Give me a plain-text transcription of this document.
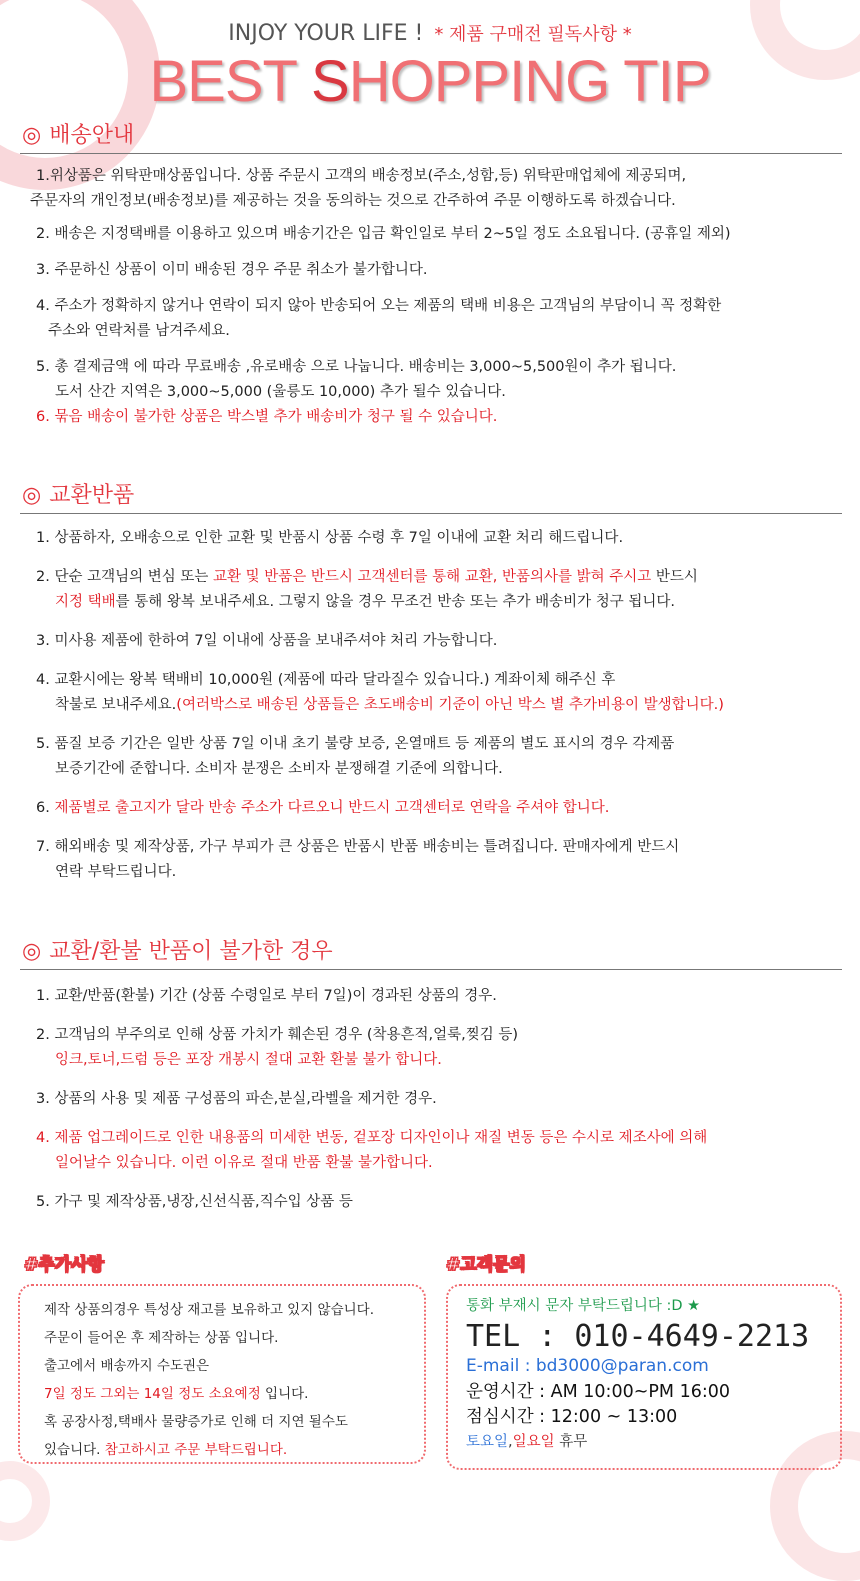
INJOY YOUR LIFE ! * 제품 구매전 필독사항 *
BEST SHOPPING TIP
◎ 배송안내
1.위상품은 위탁판매상품입니다. 상품 주문시 고객의 배송정보(주소,성함,등) 위탁판매업체에 제공되며,
주문자의 개인정보(배송정보)를 제공하는 것을 동의하는 것으로 간주하여 주문 이행하도록 하겠습니다.
2. 배송은 지정택배를 이용하고 있으며 배송기간은 입금 확인일로 부터 2~5일 정도 소요됩니다. (공휴일 제외)
3. 주문하신 상품이 이미 배송된 경우 주문 취소가 불가합니다.
4. 주소가 정확하지 않거나 연락이 되지 않아 반송되어 오는 제품의 택배 비용은 고객님의 부담이니 꼭 정확한
주소와 연락처를 남겨주세요.
5. 총 결제금액 에 따라 무료배송 ,유로배송 으로 나눕니다. 배송비는 3,000~5,500원이 추가 됩니다.
도서 산간 지역은 3,000~5,000 (울릉도 10,000) 추가 될수 있습니다.
6. 묶음 배송이 불가한 상품은 박스별 추가 배송비가 청구 될 수 있습니다.
◎ 교환반품
1. 상품하자, 오배송으로 인한 교환 및 반품시 상품 수령 후 7일 이내에 교환 처리 해드립니다.
2. 단순 고객님의 변심 또는 교환 및 반품은 반드시 고객센터를 통해 교환, 반품의사를 밝혀 주시고 반드시
지정 택배를 통해 왕복 보내주세요. 그렇지 않을 경우 무조건 반송 또는 추가 배송비가 청구 됩니다.
3. 미사용 제품에 한하여 7일 이내에 상품을 보내주셔야 처리 가능합니다.
4. 교환시에는 왕복 택배비 10,000원 (제품에 따라 달라질수 있습니다.) 계좌이체 해주신 후
착불로 보내주세요.(여러박스로 배송된 상품들은 초도배송비 기준이 아닌 박스 별 추가비용이 발생합니다.)
5. 품질 보증 기간은 일반 상품 7일 이내 초기 불량 보증, 온열매트 등 제품의 별도 표시의 경우 각제품
보증기간에 준합니다. 소비자 분쟁은 소비자 분쟁해결 기준에 의합니다.
6. 제품별로 출고지가 달라 반송 주소가 다르오니 반드시 고객센터로 연락을 주셔야 합니다.
7. 해외배송 및 제작상품, 가구 부피가 큰 상품은 반품시 반품 배송비는 틀려집니다. 판매자에게 반드시
연락 부탁드립니다.
◎ 교환/환불 반품이 불가한 경우
1. 교환/반품(환불) 기간 (상품 수령일로 부터 7일)이 경과된 상품의 경우.
2. 고객님의 부주의로 인해 상품 가치가 훼손된 경우 (착용흔적,얼룩,찢김 등)
잉크,토너,드럼 등은 포장 개봉시 절대 교환 환불 불가 합니다.
3. 상품의 사용 및 제품 구성품의 파손,분실,라벨을 제거한 경우.
4. 제품 업그레이드로 인한 내용품의 미세한 변동, 겉포장 디자인이나 재질 변동 등은 수시로 제조사에 의해
일어날수 있습니다. 이런 이유로 절대 반품 환불 불가합니다.
5. 가구 및 제작상품,냉장,신선식품,직수입 상품 등
#추가사항

제작 상품의경우 특성상 재고를 보유하고 있지 않습니다.

주문이 들어온 후 제작하는 상품 입니다.

출고에서 배송까지 수도권은

7일 정도 그외는 14일 정도 소요예정 입니다.

혹 공장사정,택배사 물량증가로 인해 더 지연 될수도

있습니다. 참고하시고 주문 부탁드립니다.

#고객문의
통화 부재시 문자 부탁드립니다 :D ★
TEL : 010-4649-2213
E-mail : bd3000@paran.com
운영시간 : AM 10:00~PM 16:00
점심시간 : 12:00 ~ 13:00
토요일,일요일 휴무
